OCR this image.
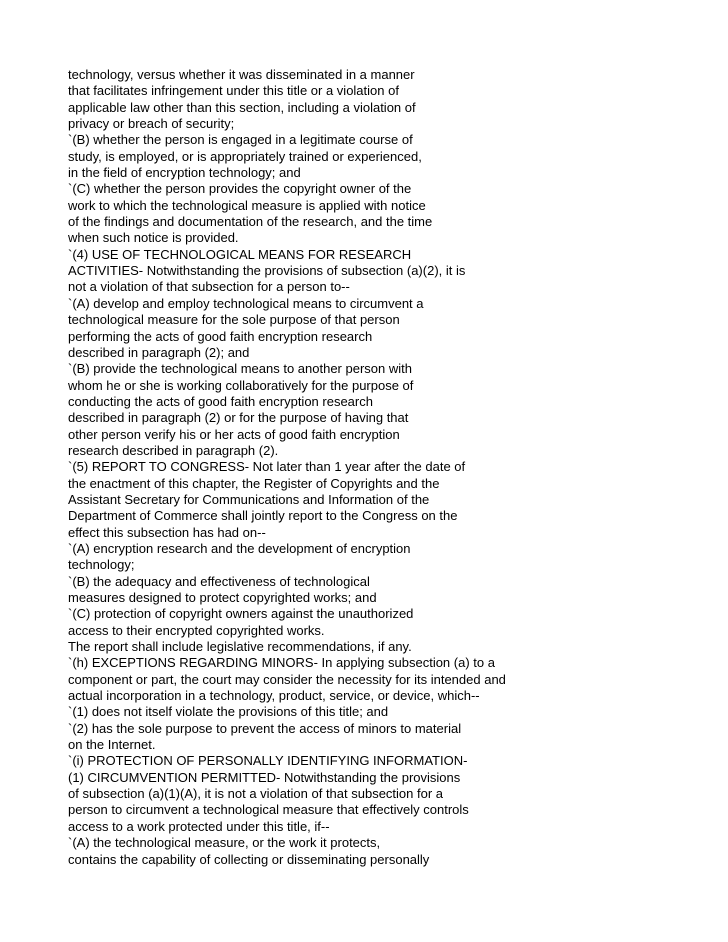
technology, versus whether it was disseminated in a manner
that facilitates infringement under this title or a violation of
applicable law other than this section, including a violation of
privacy or breach of security;
`(B) whether the person is engaged in a legitimate course of
study, is employed, or is appropriately trained or experienced,
in the field of encryption technology; and
`(C) whether the person provides the copyright owner of the
work to which the technological measure is applied with notice
of the findings and documentation of the research, and the time
when such notice is provided.
`(4) USE OF TECHNOLOGICAL MEANS FOR RESEARCH
ACTIVITIES- Notwithstanding the provisions of subsection (a)(2), it is
not a violation of that subsection for a person to--
`(A) develop and employ technological means to circumvent a
technological measure for the sole purpose of that person
performing the acts of good faith encryption research
described in paragraph (2); and
`(B) provide the technological means to another person with
whom he or she is working collaboratively for the purpose of
conducting the acts of good faith encryption research
described in paragraph (2) or for the purpose of having that
other person verify his or her acts of good faith encryption
research described in paragraph (2).
`(5) REPORT TO CONGRESS- Not later than 1 year after the date of
the enactment of this chapter, the Register of Copyrights and the
Assistant Secretary for Communications and Information of the
Department of Commerce shall jointly report to the Congress on the
effect this subsection has had on--
`(A) encryption research and the development of encryption
technology;
`(B) the adequacy and effectiveness of technological
measures designed to protect copyrighted works; and
`(C) protection of copyright owners against the unauthorized
access to their encrypted copyrighted works.
The report shall include legislative recommendations, if any.
`(h) EXCEPTIONS REGARDING MINORS- In applying subsection (a) to a
component or part, the court may consider the necessity for its intended and
actual incorporation in a technology, product, service, or device, which--
`(1) does not itself violate the provisions of this title; and
`(2) has the sole purpose to prevent the access of minors to material
on the Internet.
`(i) PROTECTION OF PERSONALLY IDENTIFYING INFORMATION-
(1) CIRCUMVENTION PERMITTED- Notwithstanding the provisions
of subsection (a)(1)(A), it is not a violation of that subsection for a
person to circumvent a technological measure that effectively controls
access to a work protected under this title, if--
`(A) the technological measure, or the work it protects,
contains the capability of collecting or disseminating personally
